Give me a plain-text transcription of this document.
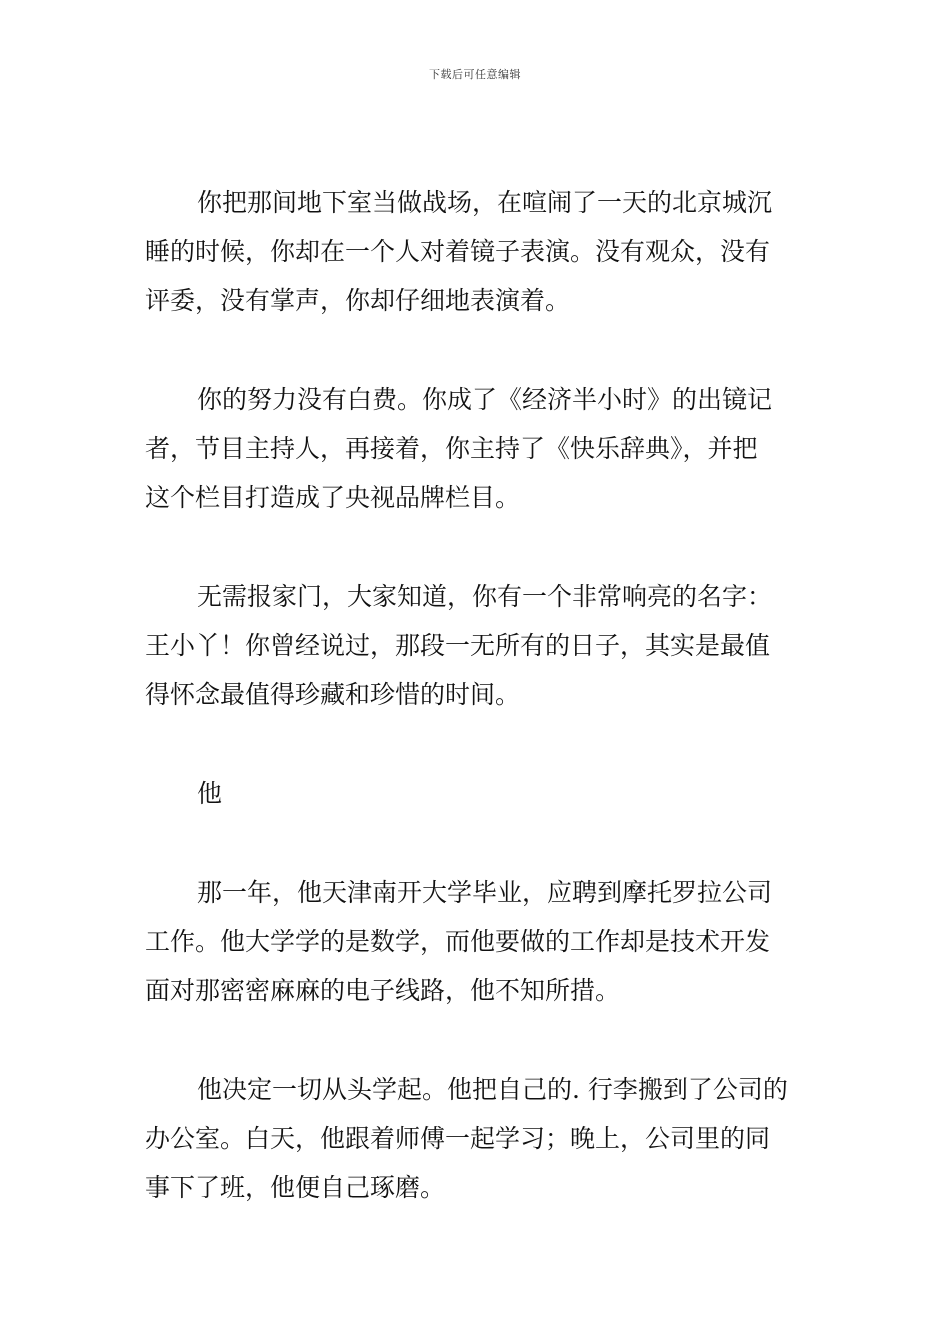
下载后可任意编辑
你把那间地下室当做战场，在喧闹了一天的北京城沉
睡的时候，你却在一个人对着镜子表演。没有观众，没有
评委，没有掌声，你却仔细地表演着。
你的努力没有白费。你成了《经济半小时》的出镜记
者，节目主持人，再接着，你主持了《快乐辞典》，并把
这个栏目打造成了央视品牌栏目。
无需报家门，大家知道，你有一个非常响亮的名字：
王小丫！你曾经说过，那段一无所有的日子，其实是最值
得怀念最值得珍藏和珍惜的时间。
他
那一年，他天津南开大学毕业，应聘到摩托罗拉公司
工作。他大学学的是数学，而他要做的工作却是技术开发
面对那密密麻麻的电子线路，他不知所措。
他决定一切从头学起。他把自己的. 行李搬到了公司的
办公室。白天，他跟着师傅一起学习；晚上，公司里的同
事下了班，他便自己琢磨。
